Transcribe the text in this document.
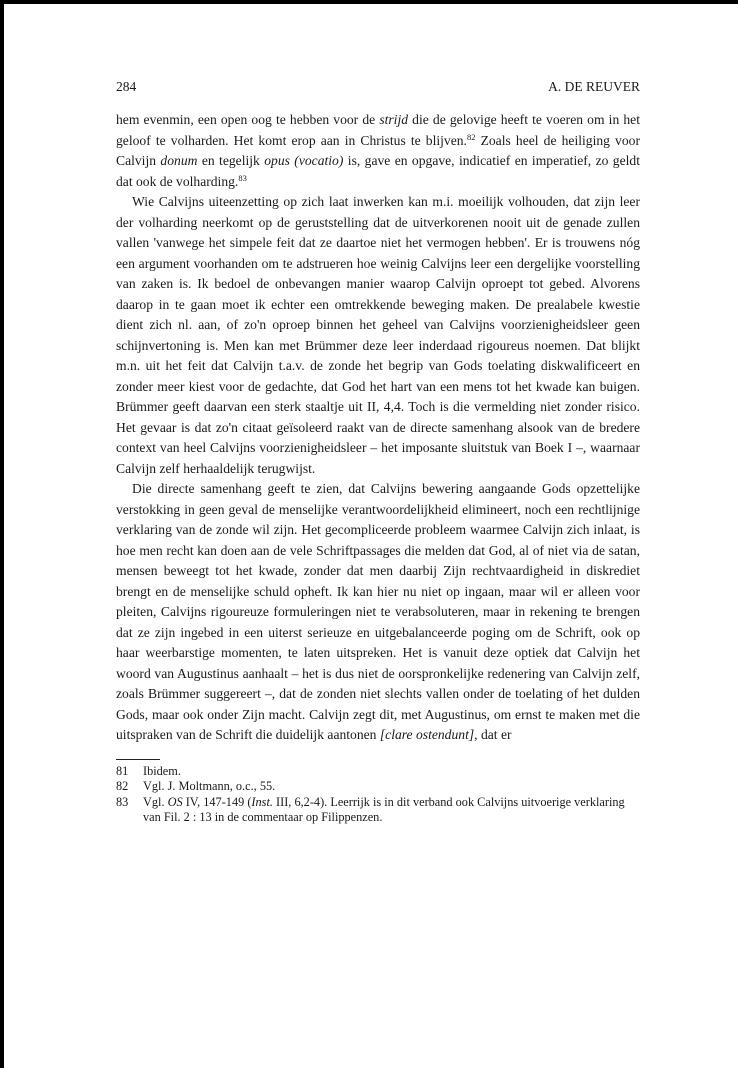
284	A. DE REUVER

hem evenmin, een open oog te hebben voor de strijd die de gelovige heeft te voeren om in het geloof te volharden. Het komt erop aan in Christus te blijven.$^{82}$ Zoals heel de heiliging voor Calvijn donum en tegelijk opus (vocatio) is, gave en opgave, indicatief en imperatief, zo geldt dat ook de volharding.$^{83}$

Wie Calvijns uiteenzetting op zich laat inwerken kan m.i. moeilijk volhouden, dat zijn leer der volharding neerkomt op de geruststelling dat de uitverkorenen nooit uit de genade zullen vallen 'vanwege het simpele feit dat ze daartoe niet het vermogen hebben'. Er is trouwens nóg een argument voorhanden om te adstrueren hoe weinig Calvijns leer een dergelijke voorstelling van zaken is. Ik bedoel de onbevangen manier waarop Calvijn oproept tot gebed. Alvorens daarop in te gaan moet ik echter een omtrekkende beweging maken. De prealabele kwestie dient zich nl. aan, of zo'n oproep binnen het geheel van Calvijns voorzienigheidsleer geen schijnvertoning is. Men kan met Brümmer deze leer inderdaad rigoureus noemen. Dat blijkt m.n. uit het feit dat Calvijn t.a.v. de zonde het begrip van Gods toelating diskwalificeert en zonder meer kiest voor de gedachte, dat God het hart van een mens tot het kwade kan buigen. Brümmer geeft daarvan een sterk staaltje uit II, 4,4. Toch is die vermelding niet zonder risico. Het gevaar is dat zo'n citaat geïsoleerd raakt van de directe samenhang alsook van de bredere context van heel Calvijns voorzienigheidsleer – het imposante sluitstuk van Boek I –, waarnaar Calvijn zelf herhaaldelijk terugwijst.

Die directe samenhang geeft te zien, dat Calvijns bewering aangaande Gods opzettelijke verstokking in geen geval de menselijke verantwoordelijkheid elimineert, noch een rechtlijnige verklaring van de zonde wil zijn. Het gecompliceerde probleem waarmee Calvijn zich inlaat, is hoe men recht kan doen aan de vele Schriftpassages die melden dat God, al of niet via de satan, mensen beweegt tot het kwade, zonder dat men daarbij Zijn rechtvaardigheid in diskrediet brengt en de menselijke schuld opheft. Ik kan hier nu niet op ingaan, maar wil er alleen voor pleiten, Calvijns rigoureuze formuleringen niet te verabsoluteren, maar in rekening te brengen dat ze zijn ingebed in een uiterst serieuze en uitgebalanceerde poging om de Schrift, ook op haar weerbarstige momenten, te laten uitspreken. Het is vanuit deze optiek dat Calvijn het woord van Augustinus aanhaalt – het is dus niet de oorspronkelijke redenering van Calvijn zelf, zoals Brümmer suggereert –, dat de zonden niet slechts vallen onder de toelating of het dulden Gods, maar ook onder Zijn macht. Calvijn zegt dit, met Augustinus, om ernst te maken met die uitspraken van de Schrift die duidelijk aantonen [clare ostendunt], dat er

81	Ibidem.
82	Vgl. J. Moltmann, o.c., 55.
83	Vgl. OS IV, 147-149 (Inst. III, 6,2-4). Leerrijk is in dit verband ook Calvijns uitvoerige verklaring van Fil. 2 : 13 in de commentaar op Filippenzen.
